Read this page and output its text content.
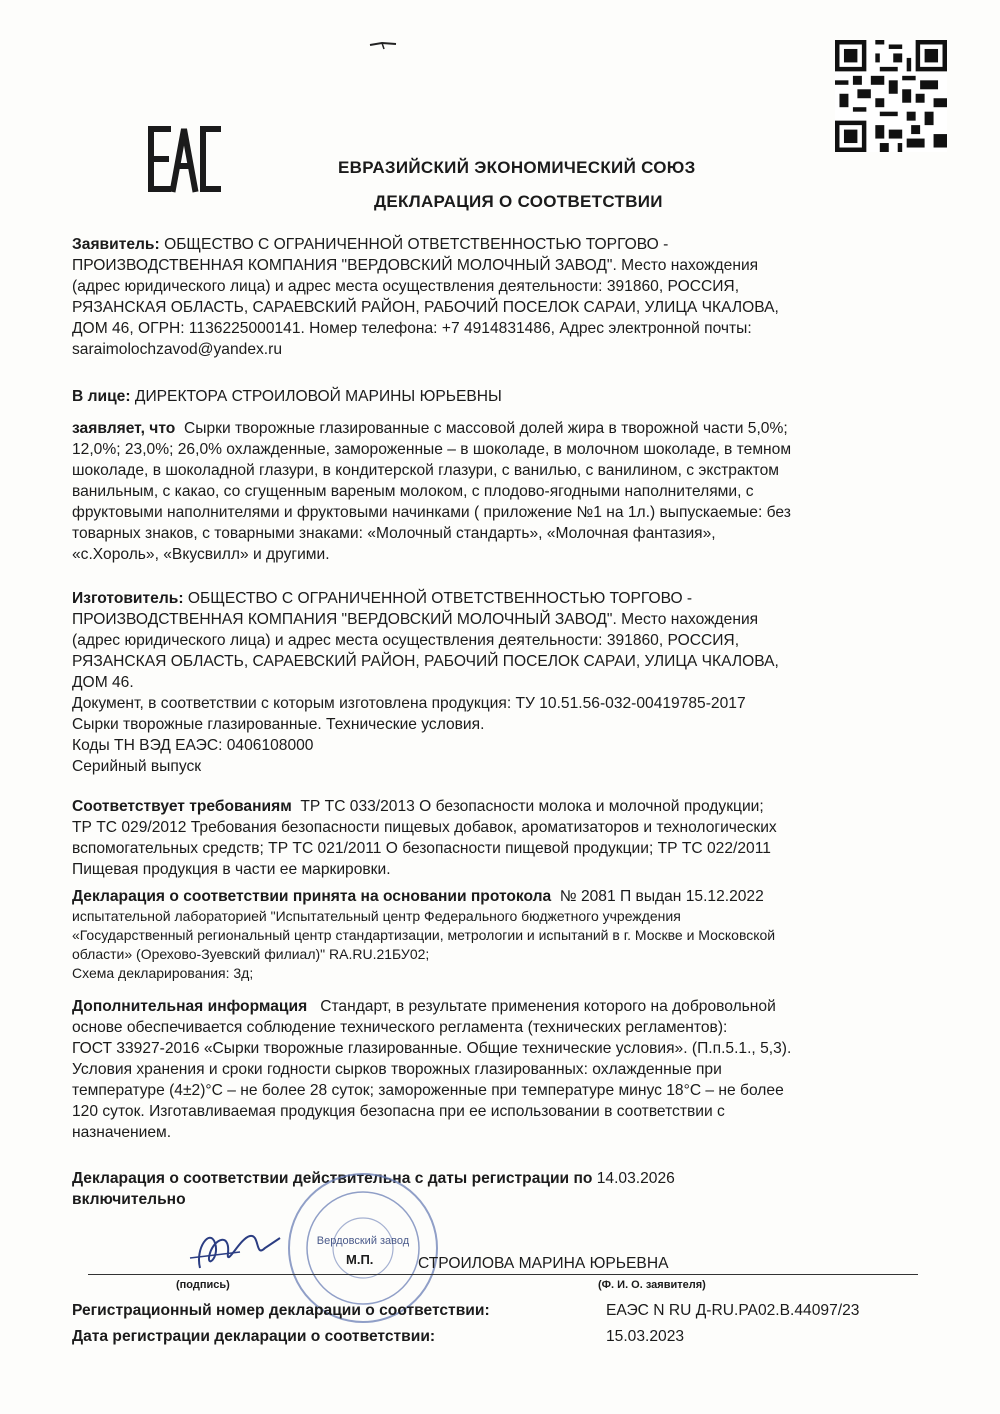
ЕВРАЗИЙСКИЙ ЭКОНОМИЧЕСКИЙ СОЮЗ
ДЕКЛАРАЦИЯ О СООТВЕТСТВИИ
Заявитель: ОБЩЕСТВО С ОГРАНИЧЕННОЙ ОТВЕТСТВЕННОСТЬЮ ТОРГОВО -
ПРОИЗВОДСТВЕННАЯ КОМПАНИЯ "ВЕРДОВСКИЙ МОЛОЧНЫЙ ЗАВОД". Место нахождения
(адрес юридического лица) и адрес места осуществления деятельности: 391860, РОССИЯ,
РЯЗАНСКАЯ ОБЛАСТЬ, САРАЕВСКИЙ РАЙОН, РАБОЧИЙ ПОСЕЛОК САРАИ, УЛИЦА ЧКАЛОВА,
ДОМ 46, ОГРН: 1136225000141. Номер телефона: +7 4914831486, Адрес электронной почты:
saraimolochzavod@yandex.ru
В лице: ДИРЕКТОРА СТРОИЛОВОЙ МАРИНЫ ЮРЬЕВНЫ
заявляет, что Сырки творожные глазированные с массовой долей жира в творожной части 5,0%;
12,0%; 23,0%; 26,0% охлажденные, замороженные – в шоколаде, в молочном шоколаде, в темном
шоколаде, в шоколадной глазури, в кондитерской глазури, с ванилью, с ванилином, с экстрактом
ванильным, с какао, со сгущенным вареным молоком, с плодово-ягодными наполнителями, с
фруктовыми наполнителями и фруктовыми начинками ( приложение №1 на 1л.) выпускаемые: без
товарных знаков, с товарными знаками: «Молочный стандарть», «Молочная фантазия»,
«с.Хороль», «Вкусвилл» и другими.
Изготовитель: ОБЩЕСТВО С ОГРАНИЧЕННОЙ ОТВЕТСТВЕННОСТЬЮ ТОРГОВО -
ПРОИЗВОДСТВЕННАЯ КОМПАНИЯ "ВЕРДОВСКИЙ МОЛОЧНЫЙ ЗАВОД". Место нахождения
(адрес юридического лица) и адрес места осуществления деятельности: 391860, РОССИЯ,
РЯЗАНСКАЯ ОБЛАСТЬ, САРАЕВСКИЙ РАЙОН, РАБОЧИЙ ПОСЕЛОК САРАИ, УЛИЦА ЧКАЛОВА,
ДОМ 46.
Документ, в соответствии с которым изготовлена продукция: ТУ 10.51.56-032-00419785-2017
Сырки творожные глазированные. Технические условия.
Коды ТН ВЭД ЕАЭС: 0406108000
Серийный выпуск
Соответствует требованиям ТР ТС 033/2013 О безопасности молока и молочной продукции;
ТР ТС 029/2012 Требования безопасности пищевых добавок, ароматизаторов и технологических
вспомогательных средств; ТР ТС 021/2011 О безопасности пищевой продукции; ТР ТС 022/2011
Пищевая продукция в части ее маркировки.
Декларация о соответствии принята на основании протокола № 2081 П выдан 15.12.2022
испытательной лабораторией "Испытательный центр Федерального бюджетного учреждения
«Государственный региональный центр стандартизации, метрологии и испытаний в г. Москве и Московской
области» (Орехово-Зуевский филиал)" RA.RU.21БУ02;
Схема декларирования: 3д;
Дополнительная информация Стандарт, в результате применения которого на добровольной
основе обеспечивается соблюдение технического регламента (технических регламентов):
ГОСТ 33927-2016 «Сырки творожные глазированные. Общие технические условия». (П.п.5.1., 5,3).
Условия хранения и сроки годности сырков творожных глазированных: охлажденные при
температуре (4±2)°С – не более 28 суток; замороженные при температуре минус 18°С – не более
120 суток. Изготавливаемая продукция безопасна при ее использовании в соответствии с
назначением.
Декларация о соответствии действительна с даты регистрации по 14.03.2026
включительно
Вердовский завод
М.П.	СТРОИЛОВА МАРИНА ЮРЬЕВНА
(подпись)	(Ф. И. О. заявителя)
Регистрационный номер декларации о соответствии:	ЕАЭС N RU Д-RU.PA02.B.44097/23
Дата регистрации декларации о соответствии:	15.03.2023
